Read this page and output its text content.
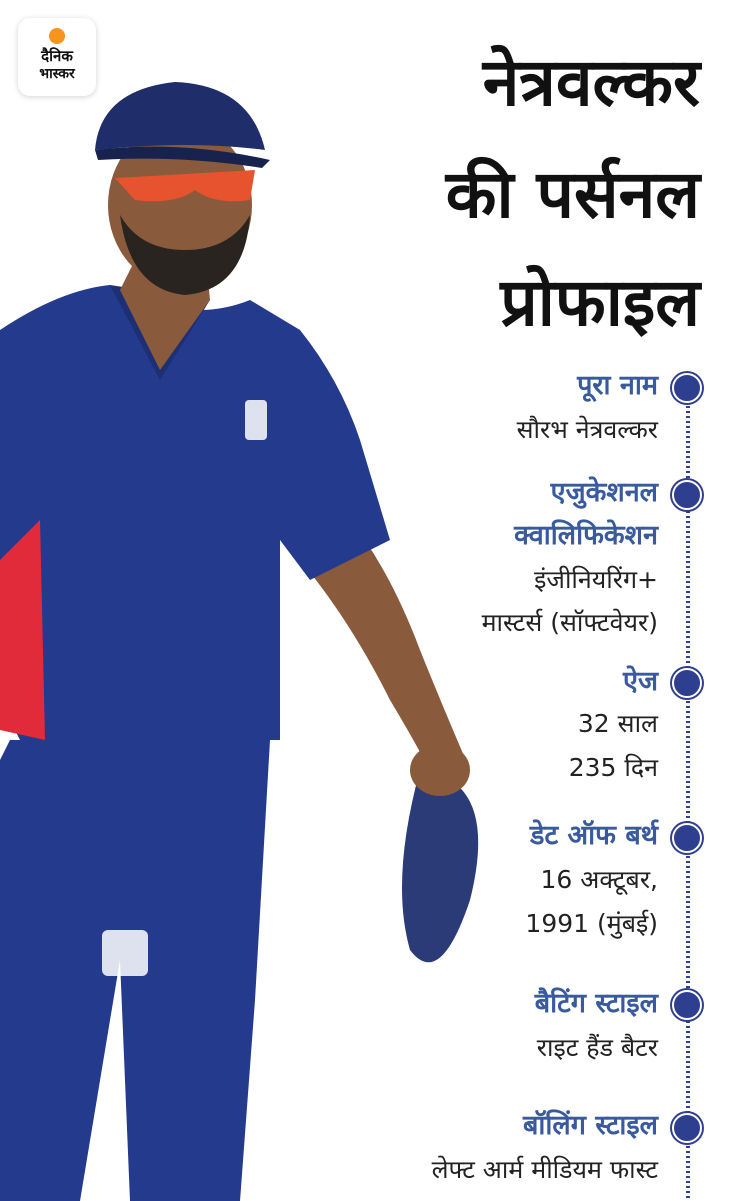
दैनिक
भास्कर	नेत्रवल्कर
की पर्सनल
प्रोफाइल
पूरा नाम
सौरभ नेत्रवल्कर
एजुकेशनल
क्वालिफिकेशन
इंजीनियरिंग+
मास्टर्स (सॉफ्टवेयर)
ऐज
32 साल
235 दिन
डेट ऑफ बर्थ
16 अक्टूबर,
1991 (मुंबई)
बैटिंग स्टाइल
राइट हैंड बैटर
बॉलिंग स्टाइल
लेफ्ट आर्म मीडियम फास्ट
